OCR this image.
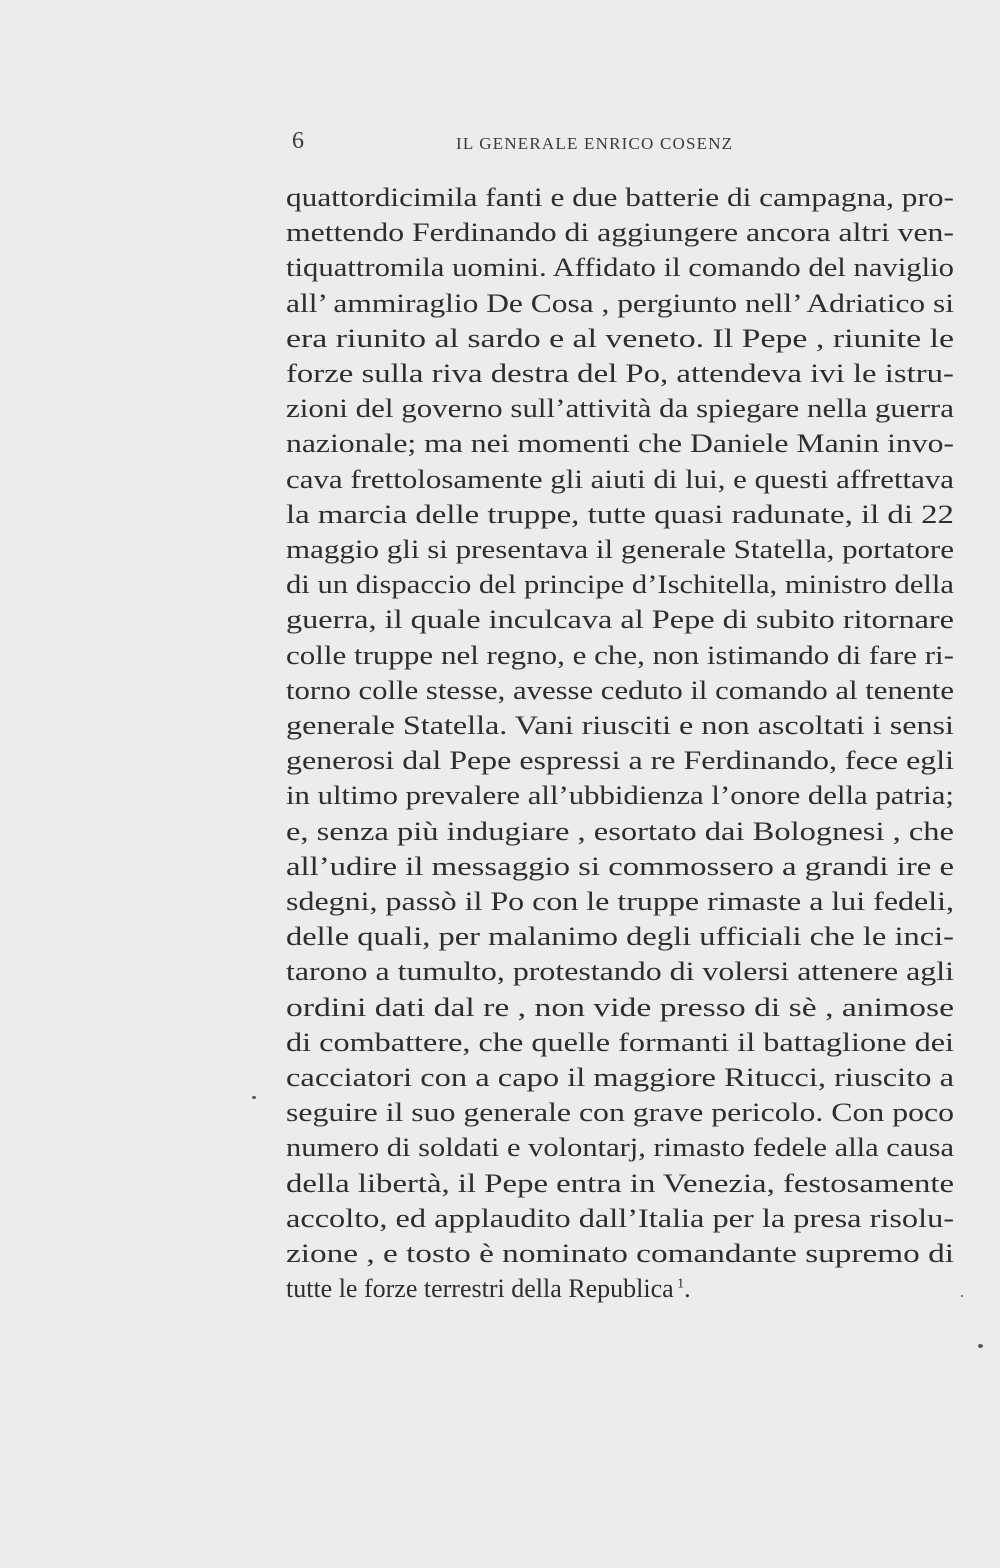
6	IL GENERALE ENRICO COSENZ
quattordicimila fanti e due batterie di campagna, pro-
mettendo Ferdinando di aggiungere ancora altri ven-
tiquattromila uomini. Affidato il comando del naviglio
all’ ammiraglio De Cosa , pergiunto nell’ Adriatico si
era riunito al sardo e al veneto. Il Pepe , riunite le
forze sulla riva destra del Po, attendeva ivi le istru-
zioni del governo sull’attività da spiegare nella guerra
nazionale; ma nei momenti che Daniele Manin invo-
cava frettolosamente gli aiuti di lui, e questi affrettava
la marcia delle truppe, tutte quasi radunate, il di 22
maggio gli si presentava il generale Statella, portatore
di un dispaccio del principe d’Ischitella, ministro della
guerra, il quale inculcava al Pepe di subito ritornare
colle truppe nel regno, e che, non istimando di fare ri-
torno colle stesse, avesse ceduto il comando al tenente
generale Statella. Vani riusciti e non ascoltati i sensi
generosi dal Pepe espressi a re Ferdinando, fece egli
in ultimo prevalere all’ubbidienza l’onore della patria;
e, senza più indugiare , esortato dai Bolognesi , che
all’udire il messaggio si commossero a grandi ire e
sdegni, passò il Po con le truppe rimaste a lui fedeli,
delle quali, per malanimo degli ufficiali che le inci-
tarono a tumulto, protestando di volersi attenere agli
ordini dati dal re , non vide presso di sè , animose
di combattere, che quelle formanti il battaglione dei
cacciatori con a capo il maggiore Ritucci, riuscito a
seguire il suo generale con grave pericolo. Con poco
numero di soldati e volontarj, rimasto fedele alla causa
della libertà, il Pepe entra in Venezia, festosamente
accolto, ed applaudito dall’Italia per la presa risolu-
zione , e tosto è nominato comandante supremo di
tutte le forze terrestri della Republica $^1$.
